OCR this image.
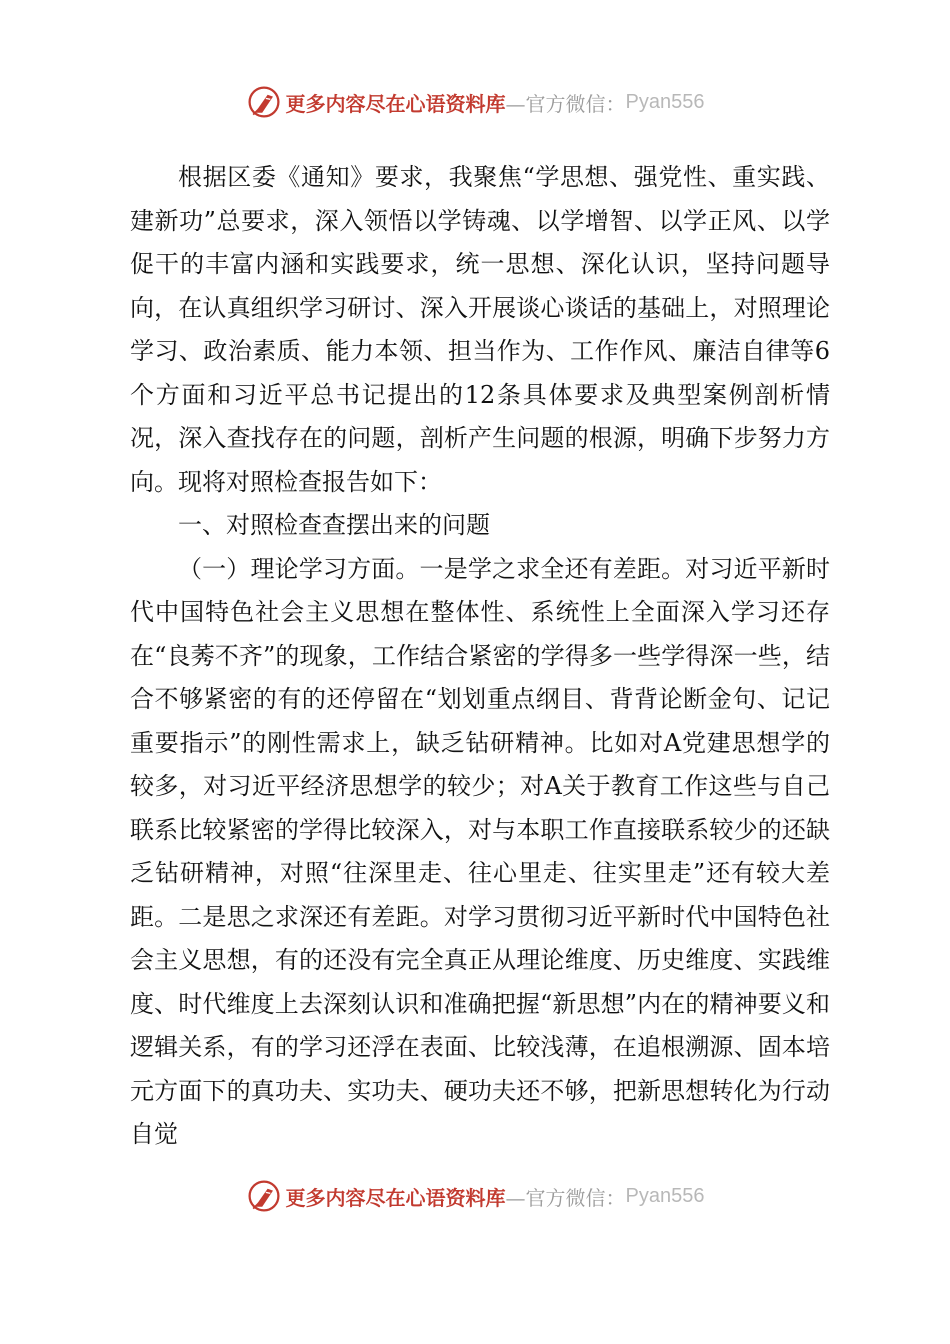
更多内容尽在心语资料库 —官方微信： Pyan556

根据区委《通知》要求，我聚焦“学思想、强党性、重实践、建新功”总要求，深入领悟以学铸魂、以学增智、以学正风、以学促干的丰富内涵和实践要求，统一思想、深化认识，坚持问题导向，在认真组织学习研讨、深入开展谈心谈话的基础上，对照理论学习、政治素质、能力本领、担当作为、工作作风、廉洁自律等6个方面和习近平总书记提出的12条具体要求及典型案例剖析情况，深入查找存在的问题，剖析产生问题的根源，明确下步努力方向。现将对照检查报告如下：

一、对照检查查摆出来的问题

（一）理论学习方面。一是学之求全还有差距。对习近平新时代中国特色社会主义思想在整体性、系统性上全面深入学习还存在“良莠不齐”的现象，工作结合紧密的学得多一些学得深一些，结合不够紧密的有的还停留在“划划重点纲目、背背论断金句、记记重要指示”的刚性需求上，缺乏钻研精神。比如对A党建思想学的较多，对习近平经济思想学的较少；对A关于教育工作这些与自己联系比较紧密的学得比较深入，对与本职工作直接联系较少的还缺乏钻研精神，对照“往深里走、往心里走、往实里走”还有较大差距。二是思之求深还有差距。对学习贯彻习近平新时代中国特色社会主义思想，有的还没有完全真正从理论维度、历史维度、实践维度、时代维度上去深刻认识和准确把握“新思想”内在的精神要义和逻辑关系，有的学习还浮在表面、比较浅薄，在追根溯源、固本培元方面下的真功夫、实功夫、硬功夫还不够，把新思想转化为行动自觉

更多内容尽在心语资料库 —官方微信： Pyan556
